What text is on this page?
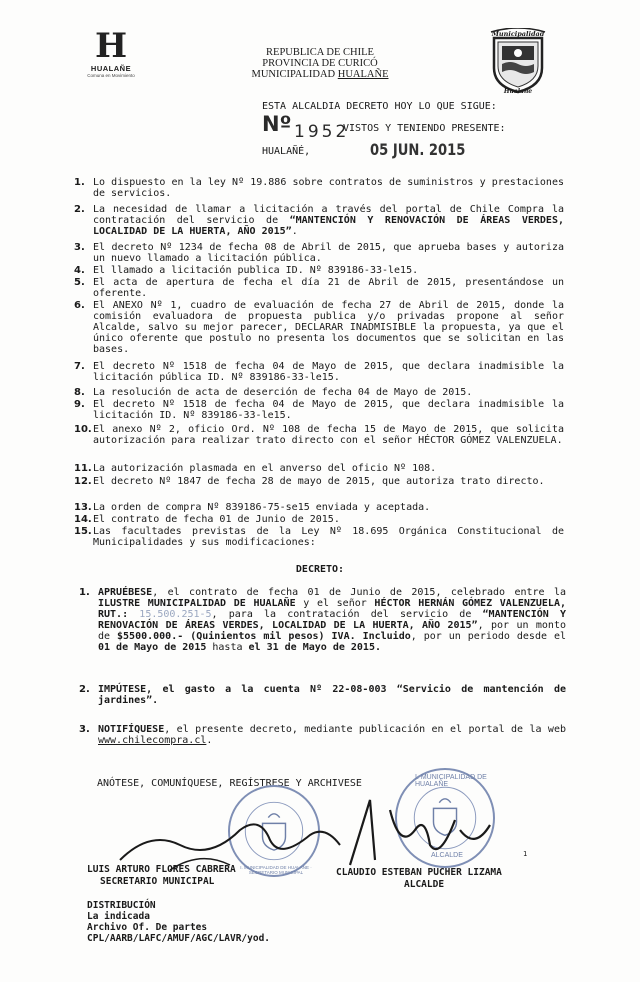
H
HUALAÑE
Comuna en Movimiento
REPUBLICA DE CHILE
PROVINCIA DE CURICÓ
MUNICIPALIDAD HUALAÑE
Municipalidad
Hualañe
ESTA ALCALDIA DECRETO HOY LO QUE SIGUE:
Nº 1952
VISTOS Y TENIENDO PRESENTE:
HUALAÑÉ,	05 JUN. 2015
1. Lo dispuesto en la ley Nº 19.886 sobre contratos de suministros y prestaciones de servicios.
2. La necesidad de llamar a licitación a través del portal de Chile Compra la contratación del servicio de “MANTENCIÓN Y RENOVACIÓN DE ÁREAS VERDES, LOCALIDAD DE LA HUERTA, AÑO 2015”.
3. El decreto Nº 1234 de fecha 08 de Abril de 2015, que aprueba bases y autoriza un nuevo llamado a licitación pública.
4. El llamado a licitación publica ID. Nº 839186-33-le15.
5. El acta de apertura de fecha el día 21 de Abril de 2015, presentándose un oferente.
6. El ANEXO Nº 1, cuadro de evaluación de fecha 27 de Abril de 2015, donde la comisión evaluadora de propuesta publica y/o privadas propone al señor Alcalde, salvo su mejor parecer, DECLARAR INADMISIBLE la propuesta, ya que el único oferente que postulo no presenta los documentos que se solicitan en las bases.
7. El decreto Nº 1518 de fecha 04 de Mayo de 2015, que declara inadmisible la licitación pública ID. Nº 839186-33-le15.
8. La resolución de acta de deserción de fecha 04 de Mayo de 2015.
9. El decreto Nº 1518 de fecha 04 de Mayo de 2015, que declara inadmisible la licitación ID. Nº 839186-33-le15.
10. El anexo Nº 2, oficio Ord. Nº 108 de fecha 15 de Mayo de 2015, que solicita autorización para realizar trato directo con el señor HÉCTOR GÓMEZ VALENZUELA.
11. La autorización plasmada en el anverso del oficio Nº 108.
12. El decreto Nº 1847 de fecha 28 de mayo de 2015, que autoriza trato directo.
13. La orden de compra Nº 839186-75-se15 enviada y aceptada.
14. El contrato de fecha 01 de Junio de 2015.
15. Las facultades previstas de la Ley Nº 18.695 Orgánica Constitucional de Municipalidades y sus modificaciones:
DECRETO:
1. APRUÉBESE, el contrato de fecha 01 de Junio de 2015, celebrado entre la ILUSTRE MUNICIPALIDAD DE HUALAÑE y el señor HÉCTOR HERNÁN GÓMEZ VALENZUELA, RUT.: 15.500.251-5, para la contratación del servicio de “MANTENCIÓN Y RENOVACIÓN DE ÁREAS VERDES, LOCALIDAD DE LA HUERTA, AÑO 2015”, por un monto de $5500.000.- (Quinientos mil pesos) IVA. Incluido, por un periodo desde el 01 de Mayo de 2015 hasta el 31 de Mayo de 2015.
2. IMPÚTESE, el gasto a la cuenta Nº 22-08-003 “Servicio de mantención de jardines”.
3. NOTIFÍQUESE, el presente decreto, mediante publicación en el portal de la web www.chilecompra.cl.
ANÓTESE, COMUNÍQUESE, REGÍSTRESE Y ARCHIVESE
I. MUNICIPALIDAD DE HUALAÑE · SECRETARIO MUNICIPAL
I. MUNICIPALIDAD DE HUALAÑE
ALCALDE	1
LUIS ARTURO FLORES CABRERA
SECRETARIO MUNICIPAL
CLAUDIO ESTEBAN PUCHER LIZAMA
ALCALDE
DISTRIBUCIÓN
La indicada
Archivo Of. De partes
CPL/AARB/LAFC/AMUF/AGC/LAVR/yod.
